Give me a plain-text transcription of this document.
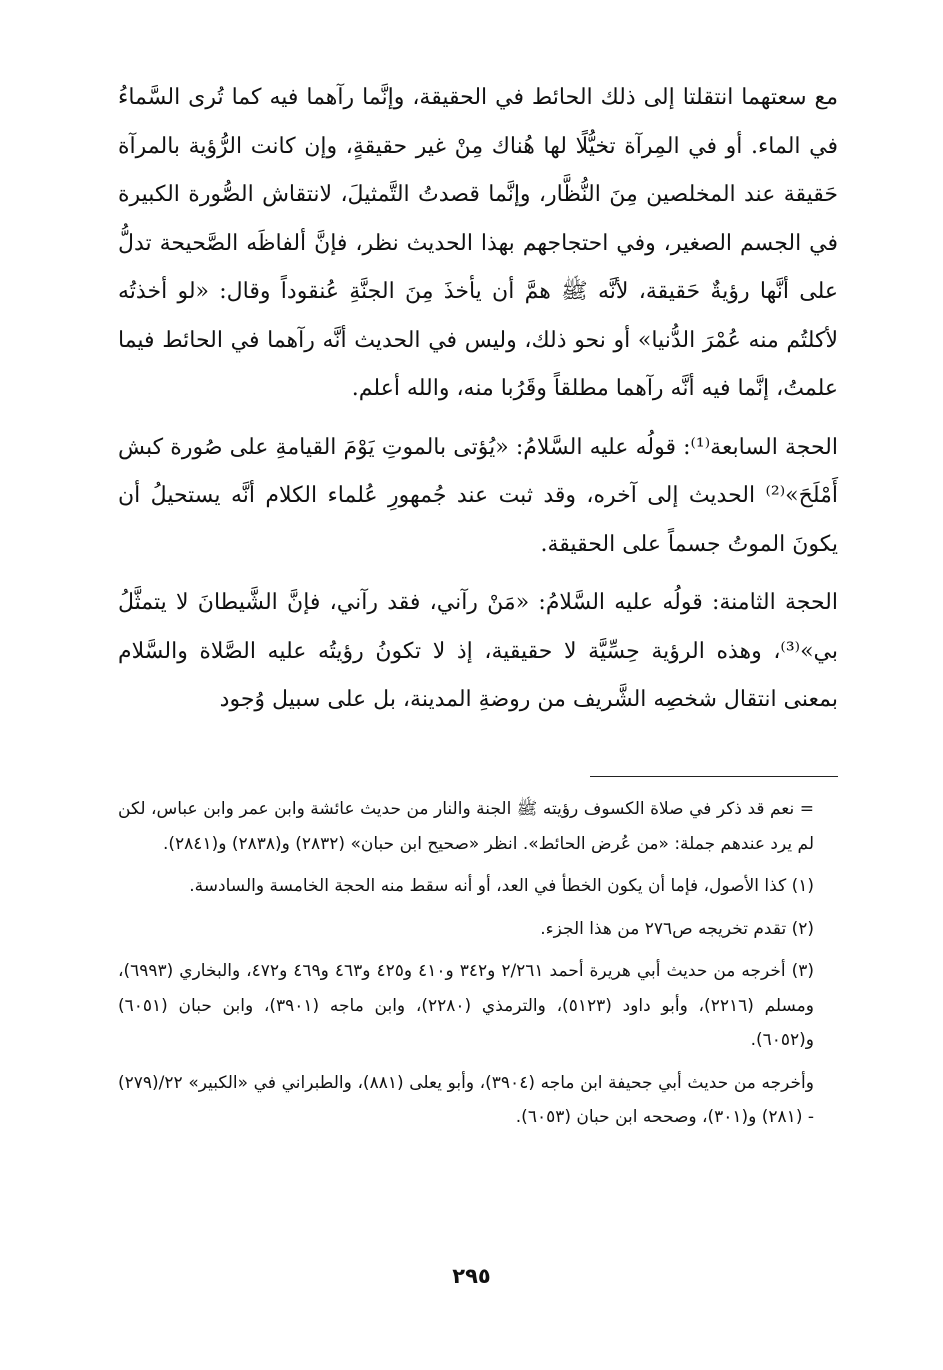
مع سعتهما انتقلتا إلى ذلك الحائط في الحقيقة، وإنَّما رآهما فيه كما تُرى السَّماءُ في الماء. أو في المِرآة تخيُّلًا لها هُناك مِنْ غير حقيقةٍ، وإن كانت الرُّؤية بالمرآة حَقيقة عند المخلصين مِنَ النُّظَّار، وإنَّما قصدتُ التَّمثيلَ، لانتقاش الصُّورة الكبيرة في الجسم الصغير، وفي احتجاجهم بهذا الحديث نظر، فإنَّ ألفاظَه الصَّحيحة تدلُّ على أنَّها رؤيةٌ حَقيقة، لأنَّه ﷺ همَّ أن يأخذَ مِنَ الجنَّةِ عُنقوداً وقال: «لو أخذتُه لأكلتُم منه عُمْرَ الدُّنيا» أو نحو ذلك، وليس في الحديث أنَّه رآهما في الحائط فيما علمتُ، إنَّما فيه أنَّه رآهما مطلقاً وقَرُبا منه، والله أعلم.

الحجة السابعة⁽¹⁾: قولُه عليه السَّلامُ: «يُؤتى بالموتِ يَوْمَ القيامةِ على صُورة كبش أَمْلَحَ»⁽²⁾ الحديث إلى آخره، وقد ثبت عند جُمهورِ عُلماء الكلام أنَّه يستحيلُ أن يكونَ الموتُ جسماً على الحقيقة.

الحجة الثامنة: قولُه عليه السَّلامُ: «مَنْ رآني، فقد رآني، فإنَّ الشَّيطانَ لا يتمثَّلُ بي»⁽³⁾، وهذه الرؤية حِسِّيَّة لا حقيقية، إذ لا تكونُ رؤيتُه عليه الصَّلاة والسَّلام بمعنى انتقال شخصِه الشَّريف من روضةِ المدينة، بل على سبيل وُجود

= نعم قد ذكر في صلاة الكسوف رؤيته ﷺ الجنة والنار من حديث عائشة وابن عمر وابن عباس، لكن لم يرد عندهم جملة: «من عُرض الحائط». انظر «صحيح ابن حبان» (٢٨٣٢) و(٢٨٣٨) و(٢٨٤١).

(١) كذا الأصول، فإما أن يكون الخطأ في العد، أو أنه سقط منه الحجة الخامسة والسادسة.

(٢) تقدم تخريجه ص٢٧٦ من هذا الجزء.

(٣) أخرجه من حديث أبي هريرة أحمد ٢/٢٦١ و٣٤٢ و٤١٠ و٤٢٥ و٤٦٣ و٤٦٩ و٤٧٢، والبخاري (٦٩٩٣)، ومسلم (٢٢١٦)، وأبو داود (٥١٢٣)، والترمذي (٢٢٨٠)، وابن ماجه (٣٩٠١)، وابن حبان (٦٠٥١) و(٦٠٥٢).

وأخرجه من حديث أبي جحيفة ابن ماجه (٣٩٠٤)، وأبو يعلى (٨٨١)، والطبراني في «الكبير» ٢٢/(٢٧٩) - (٢٨١) و(٣٠١)، وصححه ابن حبان (٦٠٥٣).

٢٩٥
